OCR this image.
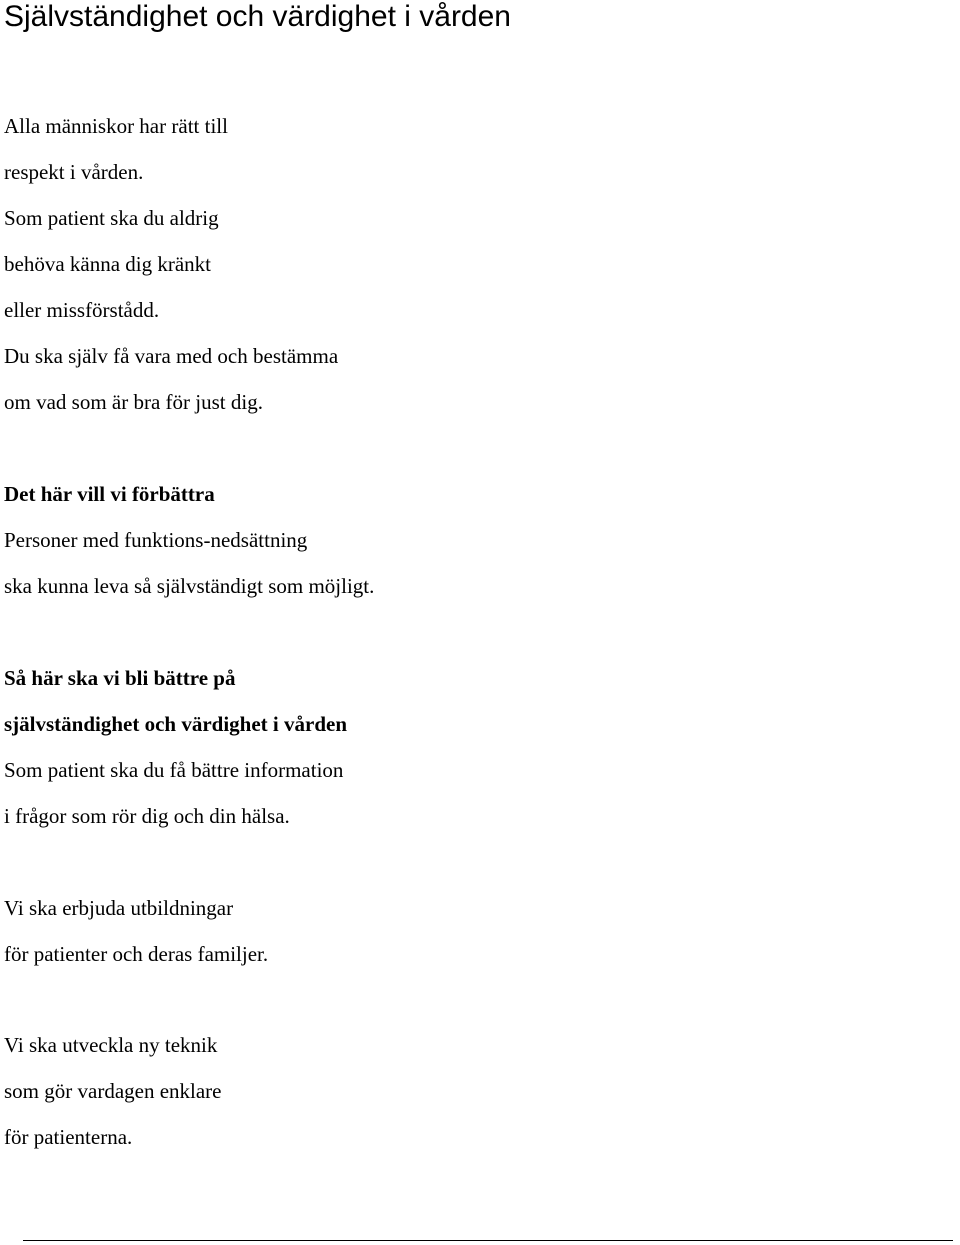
Självständighet och värdighet i vården

Alla människor har rätt till

respekt i vården.

Som patient ska du aldrig

behöva känna dig kränkt

eller missförstådd.

Du ska själv få vara med och bestämma

om vad som är bra för just dig.

Det här vill vi förbättra

Personer med funktions-nedsättning

ska kunna leva så självständigt som möjligt.

Så här ska vi bli bättre på

självständighet och värdighet i vården

Som patient ska du få bättre information

i frågor som rör dig och din hälsa.

Vi ska erbjuda utbildningar

för patienter och deras familjer.

Vi ska utveckla ny teknik

som gör vardagen enklare

för patienterna.
